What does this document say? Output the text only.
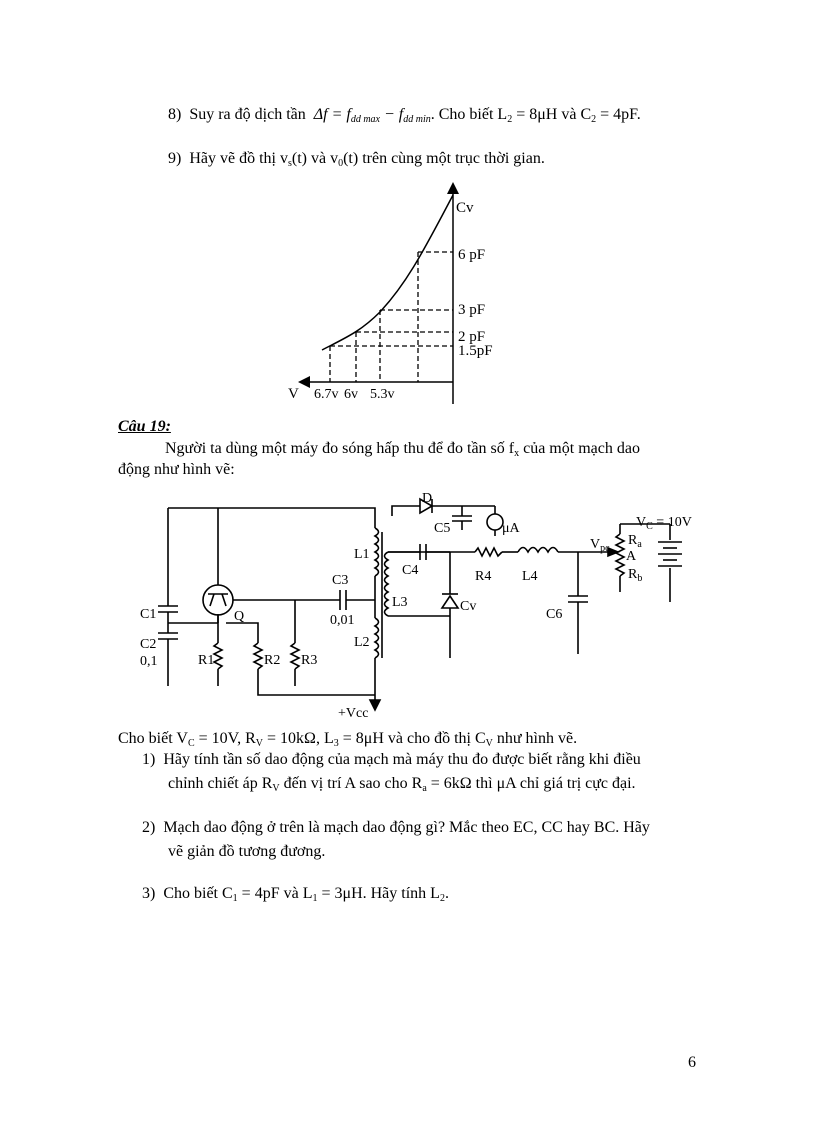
8) Suy ra độ dịch tần $\Delta f = f_{dd max} - f_{dd min}$. Cho biết $L_2 = 8\mu H$ và $C_2 = 4pF$.
9) Hãy vẽ đồ thị $v_s(t)$ và $v_0(t)$ trên cùng một trục thời gian.
Cv
6 pF
3 pF
2 pF
1.5pF
V 6.7v 6v 5.3v
Câu 19:
Người ta dùng một máy đo sóng hấp thu để đo tần số $f_x$ của một mạch dao
động như hình vẽ:
D
C5	μA	$V_C = 10V$
L1
C4	R4 L4
$V_{pc}$
$R_a$
A
$R_b$
C3
L3	Cv
C6
C1	Q	0,01
L2
C2
0,1	R1	R2 R3
+Vcc
Cho biết $V_C = 10V$, $R_V = 10k\Omega$, $L_3 = 8\mu H$ và cho đồ thị $C_V$ như hình vẽ.
1) Hãy tính tần số dao động của mạch mà máy thu đo được biết rằng khi điều
chỉnh chiết áp $R_V$ đến vị trí A sao cho $R_a = 6k\Omega$ thì μA chỉ giá trị cực đại.
2) Mạch dao động ở trên là mạch dao động gì? Mắc theo EC, CC hay BC. Hãy
vẽ giản đồ tương đương.
3) Cho biết $C_1 = 4pF$ và $L_1 = 3\mu H$. Hãy tính $L_2$.
6
